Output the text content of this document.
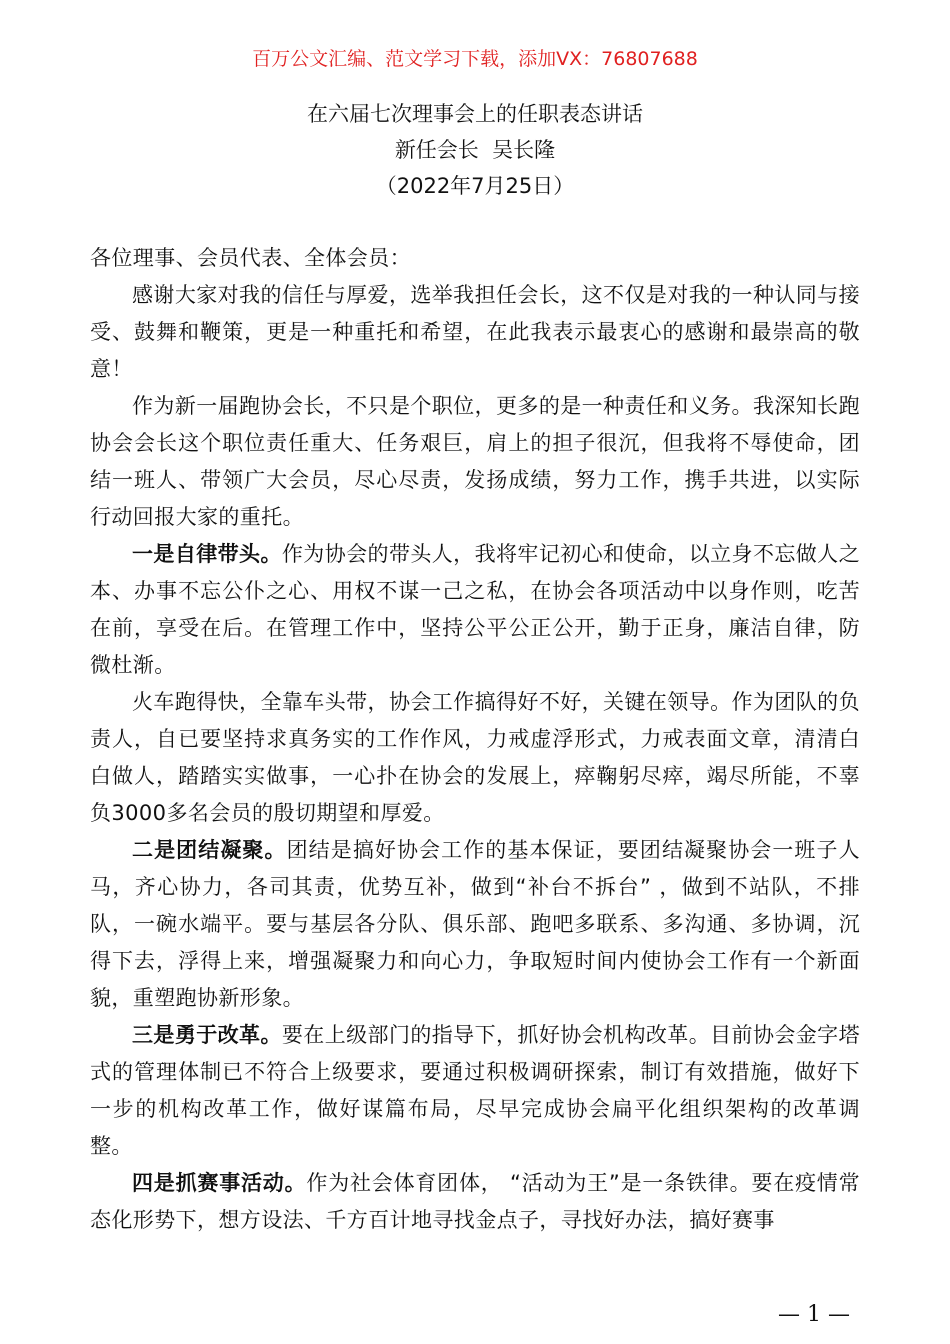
百万公文汇编、范文学习下载，添加VX：76807688
在六届七次理事会上的任职表态讲话
新任会长  吴长隆
（2022年7月25日）

各位理事、会员代表、全体会员：

感谢大家对我的信任与厚爱，选举我担任会长，这不仅是对我的一种认同与接受、鼓舞和鞭策，更是一种重托和希望，在此我表示最衷心的感谢和最崇高的敬意！

作为新一届跑协会长，不只是个职位，更多的是一种责任和义务。我深知长跑协会会长这个职位责任重大、任务艰巨，肩上的担子很沉，但我将不辱使命，团结一班人、带领广大会员，尽心尽责，发扬成绩，努力工作，携手共进，以实际行动回报大家的重托。

一是自律带头。作为协会的带头人，我将牢记初心和使命，以立身不忘做人之本、办事不忘公仆之心、用权不谋一己之私，在协会各项活动中以身作则，吃苦在前，享受在后。在管理工作中，坚持公平公正公开，勤于正身，廉洁自律，防微杜渐。

火车跑得快，全靠车头带，协会工作搞得好不好，关键在领导。作为团队的负责人，自已要坚持求真务实的工作作风，力戒虚浮形式，力戒表面文章，清清白白做人，踏踏实实做事，一心扑在协会的发展上，瘁鞠躬尽瘁，竭尽所能，不辜负3000多名会员的殷切期望和厚爱。

二是团结凝聚。团结是搞好协会工作的基本保证，要团结凝聚协会一班子人马，齐心协力，各司其责，优势互补，做到“补台不拆台” ，做到不站队，不排队，一碗水端平。要与基层各分队、俱乐部、跑吧多联系、多沟通、多协调，沉得下去，浮得上来，增强凝聚力和向心力，争取短时间内使协会工作有一个新面貌，重塑跑协新形象。

三是勇于改革。要在上级部门的指导下，抓好协会机构改革。目前协会金字塔式的管理体制已不符合上级要求，要通过积极调研探索，制订有效措施，做好下一步的机构改革工作，做好谋篇布局，尽早完成协会扁平化组织架构的改革调整。

四是抓赛事活动。作为社会体育团体， “活动为王”是一条铁律。要在疫情常态化形势下，想方设法、千方百计地寻找金点子，寻找好办法，搞好赛事

— 1 —
